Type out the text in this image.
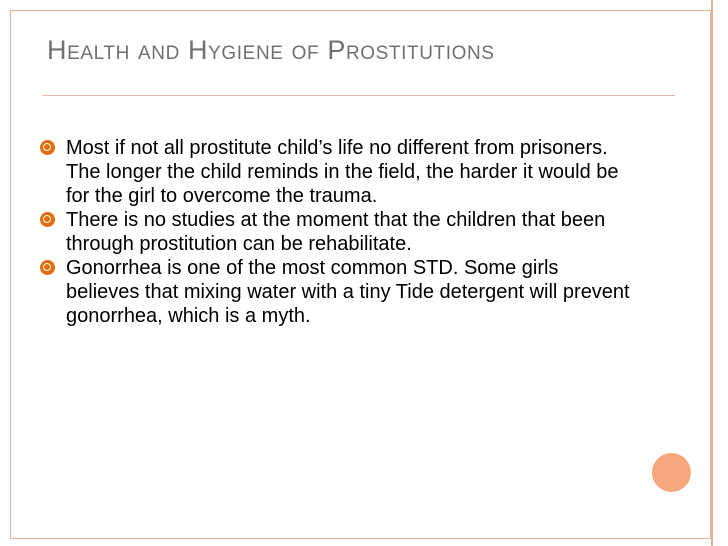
Health and Hygiene of Prostitutions
Most if not all prostitute child’s life no different from prisoners. The longer the child reminds in the field, the harder it would be for the girl to overcome the trauma.
There is no studies at the moment that the children that been through prostitution can be rehabilitate.
Gonorrhea is one of the most common STD. Some girls believes that mixing water with a tiny Tide detergent will prevent gonorrhea, which is a myth.
